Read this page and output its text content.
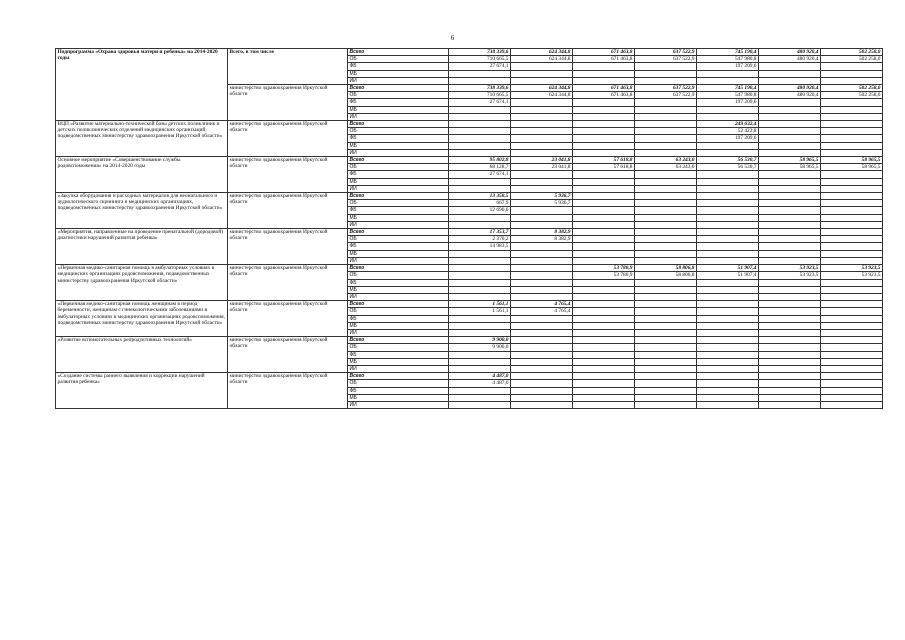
6
Подпрограмма «Охрана здоровья матери и ребенка» на 2014-2020 годы	Всего, в том числе	Всего	738 339,6	624 344,8	671 463,8	637 522,9	745 190,4	480 920,4	502 258,0
		ОБ	710 665,5	624 344,8	671 463,8	637 522,9	547 980,8	480 920,4	502 258,0
		ФБ	27 674,1				197 209,6		
		МБ							
		ИИ							
	министерство здравоохранения Иркутской области	Всего	738 339,6	624 344,8	671 463,8	637 522,9	745 190,4	480 920,4	502 258,0
		ОБ	710 665,5	624 344,8	671 463,8	637 522,9	547 980,8	480 920,4	502 258,0
		ФБ	27 674,1				197 209,6		
		МБ							
		ИИ							
ВЦП «Развитие материально-технической базы детских поликлиник и детских поликлинических отделений медицинских организаций, подведомственных министерству здравоохранения Иркутской области»	министерство здравоохранения Иркутской области	Всего					249 632,4		
		ОБ					52 422,8		
		ФБ					197 209,6		
		МБ							
		ИИ							
Основное мероприятие «Совершенствование службы родовспоможения» на 2014-2020 годы	министерство здравоохранения Иркутской области	Всего	95 802,8	23 041,8	57 618,8	63 243,0	56 530,7	58 965,5	58 965,5
		ОБ	68 128,7	23 041,8	57 618,8	63 243,0	56 530,7	58 965,5	58 965,5
		ФБ	27 674,1						
		МБ							
		ИИ							
«Закупка оборудования и расходных материалов для неонатального и аудиологического скрининга в медицинских организациях, подведомственных министерству здравоохранения Иркутской области»	министерство здравоохранения Иркутской области	Всего	13 358,5	5 936,7					
		ОБ	667,9	5 936,7					
		ФБ	12 690,6						
		МБ							
		ИИ							
«Мероприятия, направленные на проведение пренатальной (дородовой) диагностики нарушений развития ребенка»	министерство здравоохранения Иркутской области	Всего	17 353,7	8 382,9					
		ОБ	2 370,2	8 382,9					
		ФБ	14 983,5						
		МБ							
		ИИ							
«Первичная медико-санитарная помощь в амбулаторных условиях в медицинских организациях родовспоможения, подведомственных министерству здравоохранения Иркутской области»	министерство здравоохранения Иркутской области	Всего			53 780,9	58 806,8	51 907,4	53 923,5	53 923,5
		ОБ			53 780,9	58 806,8	51 907,4	53 923,5	53 923,5
		ФБ							
		МБ							
		ИИ							
«Первичная медико-санитарная помощь женщинам в период беременности, женщинам с гинекологическими заболеваниями в амбулаторных условиях в медицинских организациях родовспоможения, подведомственных министерству здравоохранения Иркутской области»	министерство здравоохранения Иркутской области	Всего	1 561,1	4 765,4					
		ОБ	1 561,1	4 765,4					
		ФБ							
		МБ							
		ИИ							
«Развитие вспомогательных репродуктивных технологий»	министерство здравоохранения Иркутской области	Всего	9 900,0						
		ОБ	9 900,0						
		ФБ							
		МБ							
		ИИ							
«Создание системы раннего выявления и коррекции нарушений развития ребенка»	министерство здравоохранения Иркутской области	Всего	4 487,0						
		ОБ	4 487,0						
		ФБ							
		МБ							
		ИИ							
